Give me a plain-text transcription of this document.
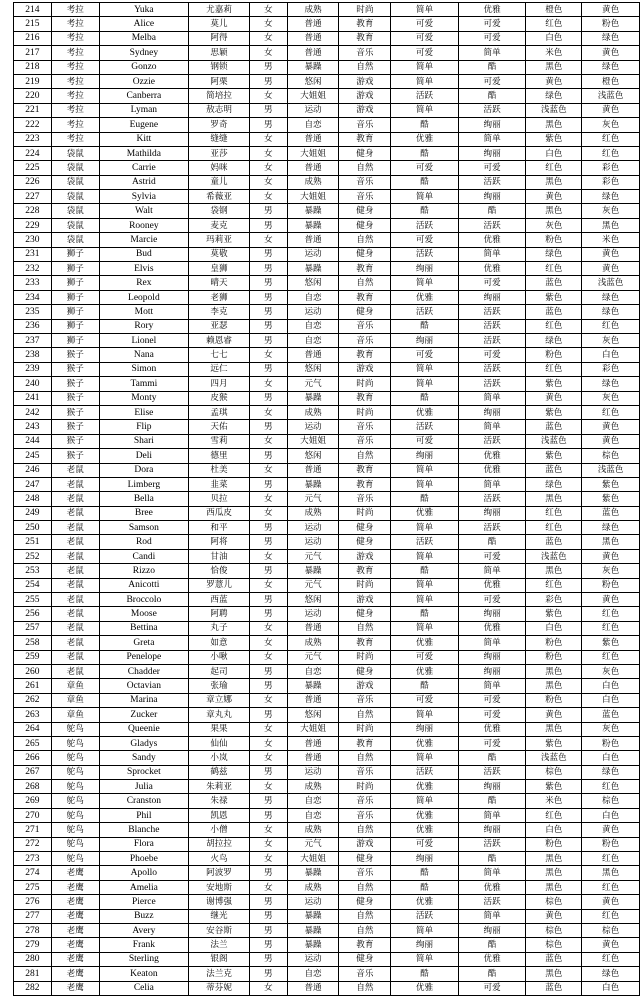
214	考拉	Yuka	尤嘉莉	女	成熟	时尚	简单	优雅	橙色	黄色
215	考拉	Alice	莫儿	女	普通	教育	可爱	可爱	红色	粉色
216	考拉	Melba	阿得	女	普通	教育	可爱	可爱	白色	绿色
217	考拉	Sydney	思颖	女	普通	音乐	可爱	简单	米色	黄色
218	考拉	Gonzo	钢锁	男	暴躁	自然	简单	酷	黑色	绿色
219	考拉	Ozzie	阿栗	男	悠闲	游戏	简单	可爱	黄色	橙色
220	考拉	Canberra	简培拉	女	大姐姐	游戏	活跃	酷	绿色	浅蓝色
221	考拉	Lyman	敖志明	男	运动	游戏	简单	活跃	浅蓝色	黄色
222	考拉	Eugene	罗奇	男	自恋	音乐	酷	绚丽	黑色	灰色
223	考拉	Kitt	缝缝	女	普通	教育	优雅	简单	紫色	红色
224	袋鼠	Mathilda	亚莎	女	大姐姐	健身	酷	绚丽	白色	红色
225	袋鼠	Carrie	妈咪	女	普通	自然	可爱	可爱	红色	彩色
226	袋鼠	Astrid	童儿	女	成熟	音乐	酷	活跃	黑色	彩色
227	袋鼠	Sylvia	希薇亚	女	大姐姐	音乐	简单	绚丽	黄色	绿色
228	袋鼠	Walt	袋钢	男	暴躁	健身	酷	酷	黑色	灰色
229	袋鼠	Rooney	麦克	男	暴躁	健身	活跃	活跃	灰色	黑色
230	袋鼠	Marcie	玛莉亚	女	普通	自然	可爱	优雅	粉色	米色
231	狮子	Bud	莫敬	男	运动	健身	活跃	简单	绿色	黄色
232	狮子	Elvis	皇狮	男	暴躁	教育	绚丽	优雅	红色	黄色
233	狮子	Rex	晴天	男	悠闲	自然	简单	可爱	蓝色	浅蓝色
234	狮子	Leopold	老狮	男	自恋	教育	优雅	绚丽	紫色	绿色
235	狮子	Mott	李克	男	运动	健身	活跃	活跃	蓝色	绿色
236	狮子	Rory	亚瑟	男	自恋	音乐	酷	活跃	红色	红色
237	狮子	Lionel	赖恩睿	男	自恋	音乐	绚丽	活跃	绿色	灰色
238	猴子	Nana	七七	女	普通	教育	可爱	可爱	粉色	白色
239	猴子	Simon	远仁	男	悠闲	游戏	简单	活跃	红色	彩色
240	猴子	Tammi	四月	女	元气	时尚	简单	活跃	紫色	绿色
241	猴子	Monty	皮猴	男	暴躁	教育	酷	简单	黄色	灰色
242	猴子	Elise	孟琪	女	成熟	时尚	优雅	绚丽	紫色	红色
243	猴子	Flip	天佑	男	运动	音乐	活跃	简单	蓝色	黄色
244	猴子	Shari	雪莉	女	大姐姐	音乐	可爱	活跃	浅蓝色	黄色
245	猴子	Deli	德里	男	悠闲	自然	绚丽	优雅	紫色	棕色
246	老鼠	Dora	杜美	女	普通	教育	简单	优雅	蓝色	浅蓝色
247	老鼠	Limberg	韭菜	男	暴躁	教育	简单	简单	绿色	紫色
248	老鼠	Bella	贝拉	女	元气	音乐	酷	活跃	黑色	紫色
249	老鼠	Bree	西瓜皮	女	成熟	时尚	优雅	绚丽	红色	蓝色
250	老鼠	Samson	和平	男	运动	健身	简单	活跃	红色	绿色
251	老鼠	Rod	阿将	男	运动	健身	活跃	酷	蓝色	黑色
252	老鼠	Candi	甘油	女	元气	游戏	简单	可爱	浅蓝色	黄色
253	老鼠	Rizzo	恰俊	男	暴躁	教育	酷	简单	黑色	灰色
254	老鼠	Anicotti	罗薏儿	女	元气	时尚	简单	优雅	红色	粉色
255	老鼠	Broccolo	西蓝	男	悠闲	游戏	简单	可爱	彩色	黄色
256	老鼠	Moose	阿聘	男	运动	健身	酷	绚丽	紫色	红色
257	老鼠	Bettina	丸子	女	普通	自然	简单	优雅	白色	红色
258	老鼠	Greta	如意	女	成熟	教育	优雅	简单	粉色	紫色
259	老鼠	Penelope	小啾	女	元气	时尚	可爱	绚丽	粉色	红色
260	老鼠	Chadder	起司	男	自恋	健身	优雅	绚丽	黑色	灰色
261	章鱼	Octavian	张瑜	男	暴躁	游戏	酷	简单	黑色	白色
262	章鱼	Marina	章立娜	女	普通	音乐	可爱	可爱	粉色	白色
263	章鱼	Zucker	章丸丸	男	悠闲	自然	简单	可爱	黄色	蓝色
264	鸵鸟	Queenie	果果	女	大姐姐	时尚	绚丽	优雅	黑色	灰色
265	鸵鸟	Gladys	仙仙	女	普通	教育	优雅	可爱	紫色	粉色
266	鸵鸟	Sandy	小岚	女	普通	自然	简单	酷	浅蓝色	白色
267	鸵鸟	Sprocket	鹤兹	男	运动	音乐	活跃	活跃	棕色	绿色
268	鸵鸟	Julia	朱莉亚	女	成熟	时尚	优雅	绚丽	紫色	红色
269	鸵鸟	Cranston	朱禄	男	自恋	音乐	简单	酷	米色	棕色
270	鸵鸟	Phil	凯恩	男	自恋	音乐	优雅	简单	红色	白色
271	鸵鸟	Blanche	小僧	女	成熟	自然	优雅	绚丽	白色	黄色
272	鸵鸟	Flora	胡拉拉	女	元气	游戏	可爱	活跃	粉色	粉色
273	鸵鸟	Phoebe	火鸟	女	大姐姐	健身	绚丽	酷	黑色	红色
274	老鹰	Apollo	阿波罗	男	暴躁	音乐	酷	简单	黑色	黑色
275	老鹰	Amelia	安地斯	女	成熟	自然	酷	优雅	黑色	红色
276	老鹰	Pierce	谢博强	男	运动	健身	优雅	活跃	棕色	黄色
277	老鹰	Buzz	继光	男	暴躁	自然	活跃	简单	黄色	红色
278	老鹰	Avery	安谷斯	男	暴躁	自然	简单	绚丽	棕色	棕色
279	老鹰	Frank	法兰	男	暴躁	教育	绚丽	酷	棕色	黄色
280	老鹰	Sterling	银阁	男	运动	健身	简单	优雅	蓝色	红色
281	老鹰	Keaton	法兰克	男	自恋	音乐	酷	酷	黑色	绿色
282	老鹰	Celia	蒂芬妮	女	普通	自然	优雅	可爱	蓝色	白色
